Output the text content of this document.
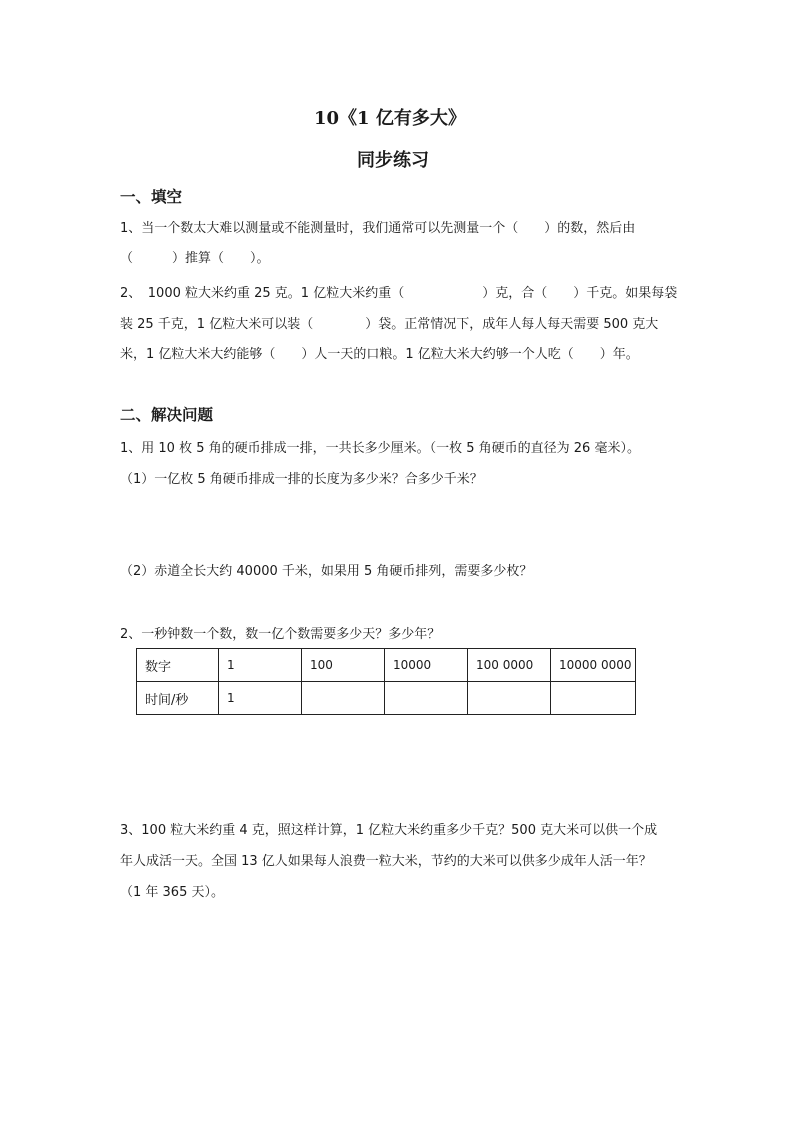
10《1 亿有多大》
同步练习
一、填空
1、当一个数太大难以测量或不能测量时，我们通常可以先测量一个（　　）的数，然后由
（　　　）推算（　　）。
2、　1000 粒大米约重 25 克。1 亿粒大米约重（　　　　　　）克，合（　　）千克。如果每袋
装 25 千克，1 亿粒大米可以装（　　　　）袋。正常情况下，成年人每人每天需要 500 克大
米，1 亿粒大米大约能够（　　）人一天的口粮。1 亿粒大米大约够一个人吃（　　）年。
二、解决问题
1、用 10 枚 5 角的硬币排成一排，一共长多少厘米。（一枚 5 角硬币的直径为 26 毫米）。
（1）一亿枚 5 角硬币排成一排的长度为多少米？合多少千米？
（2）赤道全长大约 40000 千米，如果用 5 角硬币排列，需要多少枚？
2、一秒钟数一个数，数一亿个数需要多少天？多少年？
数字	1	100	10000	100 0000	10000 0000
时间/秒	1				
3、100 粒大米约重 4 克，照这样计算，1 亿粒大米约重多少千克？500 克大米可以供一个成
年人成活一天。全国 13 亿人如果每人浪费一粒大米，节约的大米可以供多少成年人活一年？
（1 年 365 天）。
